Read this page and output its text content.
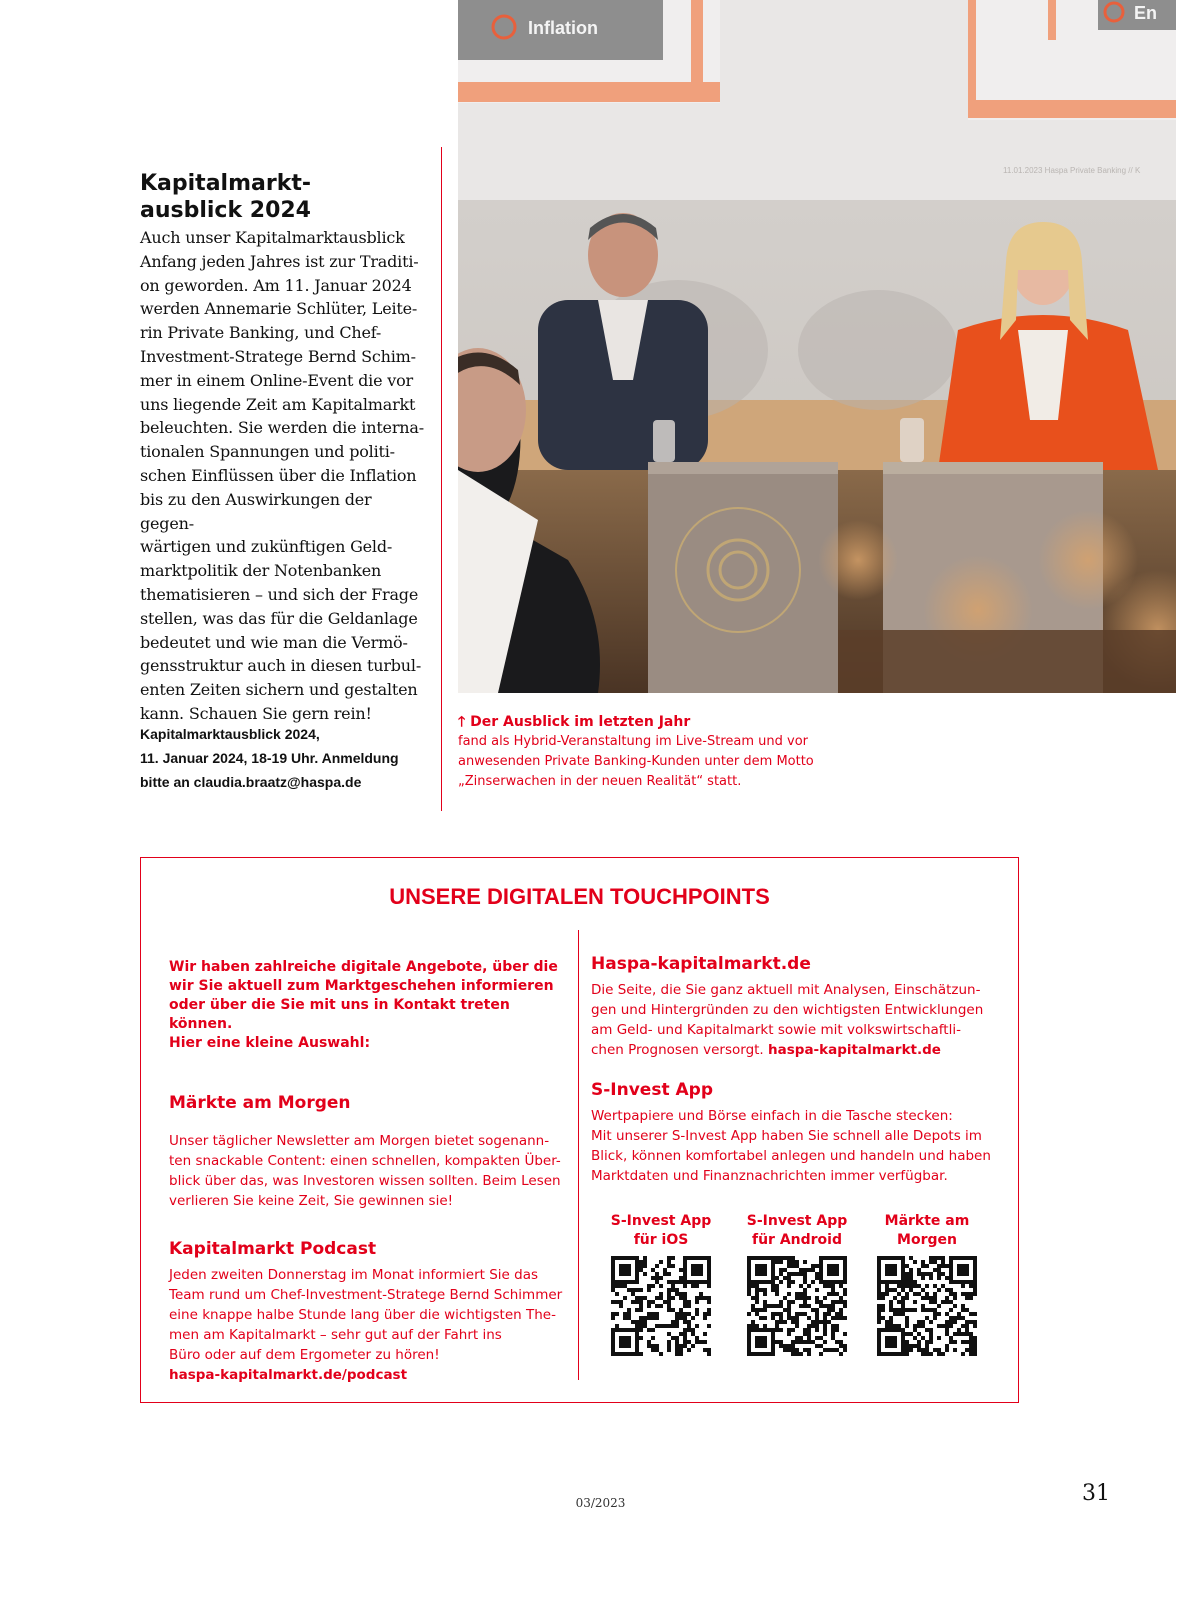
Kapitalmarkt-
ausblick 2024
Auch unser Kapitalmarktausblick
Anfang jeden Jahres ist zur Traditi-
on geworden. Am 11. Januar 2024
werden Annemarie Schlüter, Leite-
rin Private Banking, und Chef-
Investment-Stratege Bernd Schim-
mer in einem Online-Event die vor
uns liegende Zeit am Kapitalmarkt
beleuchten. Sie werden die interna-
tionalen Spannungen und politi-
schen Einflüssen über die Inflation
bis zu den Auswirkungen der gegen-
wärtigen und zukünftigen Geld-
marktpolitik der Notenbanken
thematisieren – und sich der Frage
stellen, was das für die Geldanlage
bedeutet und wie man die Vermö-
gensstruktur auch in diesen turbul-
enten Zeiten sichern und gestalten
kann. Schauen Sie gern rein!
Kapitalmarktausblick 2024,
11. Januar 2024, 18-19 Uhr. Anmeldung
bitte an claudia.braatz@haspa.de
Inflation
En
11.01.2023 Haspa Private Banking // K
🡑 Der Ausblick im letzten Jahr
fand als Hybrid-Veranstaltung im Live-Stream und vor
anwesenden Private Banking-Kunden unter dem Motto
„Zinserwachen in der neuen Realität“ statt.
UNSERE DIGITALEN TOUCHPOINTS
Wir haben zahlreiche digitale Angebote, über die
wir Sie aktuell zum Marktgeschehen informieren
oder über die Sie mit uns in Kontakt treten können.
Hier eine kleine Auswahl:

Märkte am Morgen

Unser täglicher Newsletter am Morgen bietet sogenann-
ten snackable Content: einen schnellen, kompakten Über-
blick über das, was Investoren wissen sollten. Beim Lesen
verlieren Sie keine Zeit, Sie gewinnen sie!

Kapitalmarkt Podcast

Jeden zweiten Donnerstag im Monat informiert Sie das
Team rund um Chef-Investment-Stratege Bernd Schimmer
eine knappe halbe Stunde lang über die wichtigsten The-
men am Kapitalmarkt – sehr gut auf der Fahrt ins
Büro oder auf dem Ergometer zu hören!

haspa-kapitalmarkt.de/podcast

Haspa-kapitalmarkt.de

Die Seite, die Sie ganz aktuell mit Analysen, Einschätzun-
gen und Hintergründen zu den wichtigsten Entwicklungen
am Geld- und Kapitalmarkt sowie mit volkswirtschaftli-
chen Prognosen versorgt. haspa-kapitalmarkt.de

S-Invest App

Wertpapiere und Börse einfach in die Tasche stecken:
Mit unserer S-Invest App haben Sie schnell alle Depots im
Blick, können komfortabel anlegen und handeln und haben
Marktdaten und Finanznachrichten immer verfügbar.

S-Invest App
für iOS
S-Invest App
für Android
Märkte am
Morgen
03/2023	31
